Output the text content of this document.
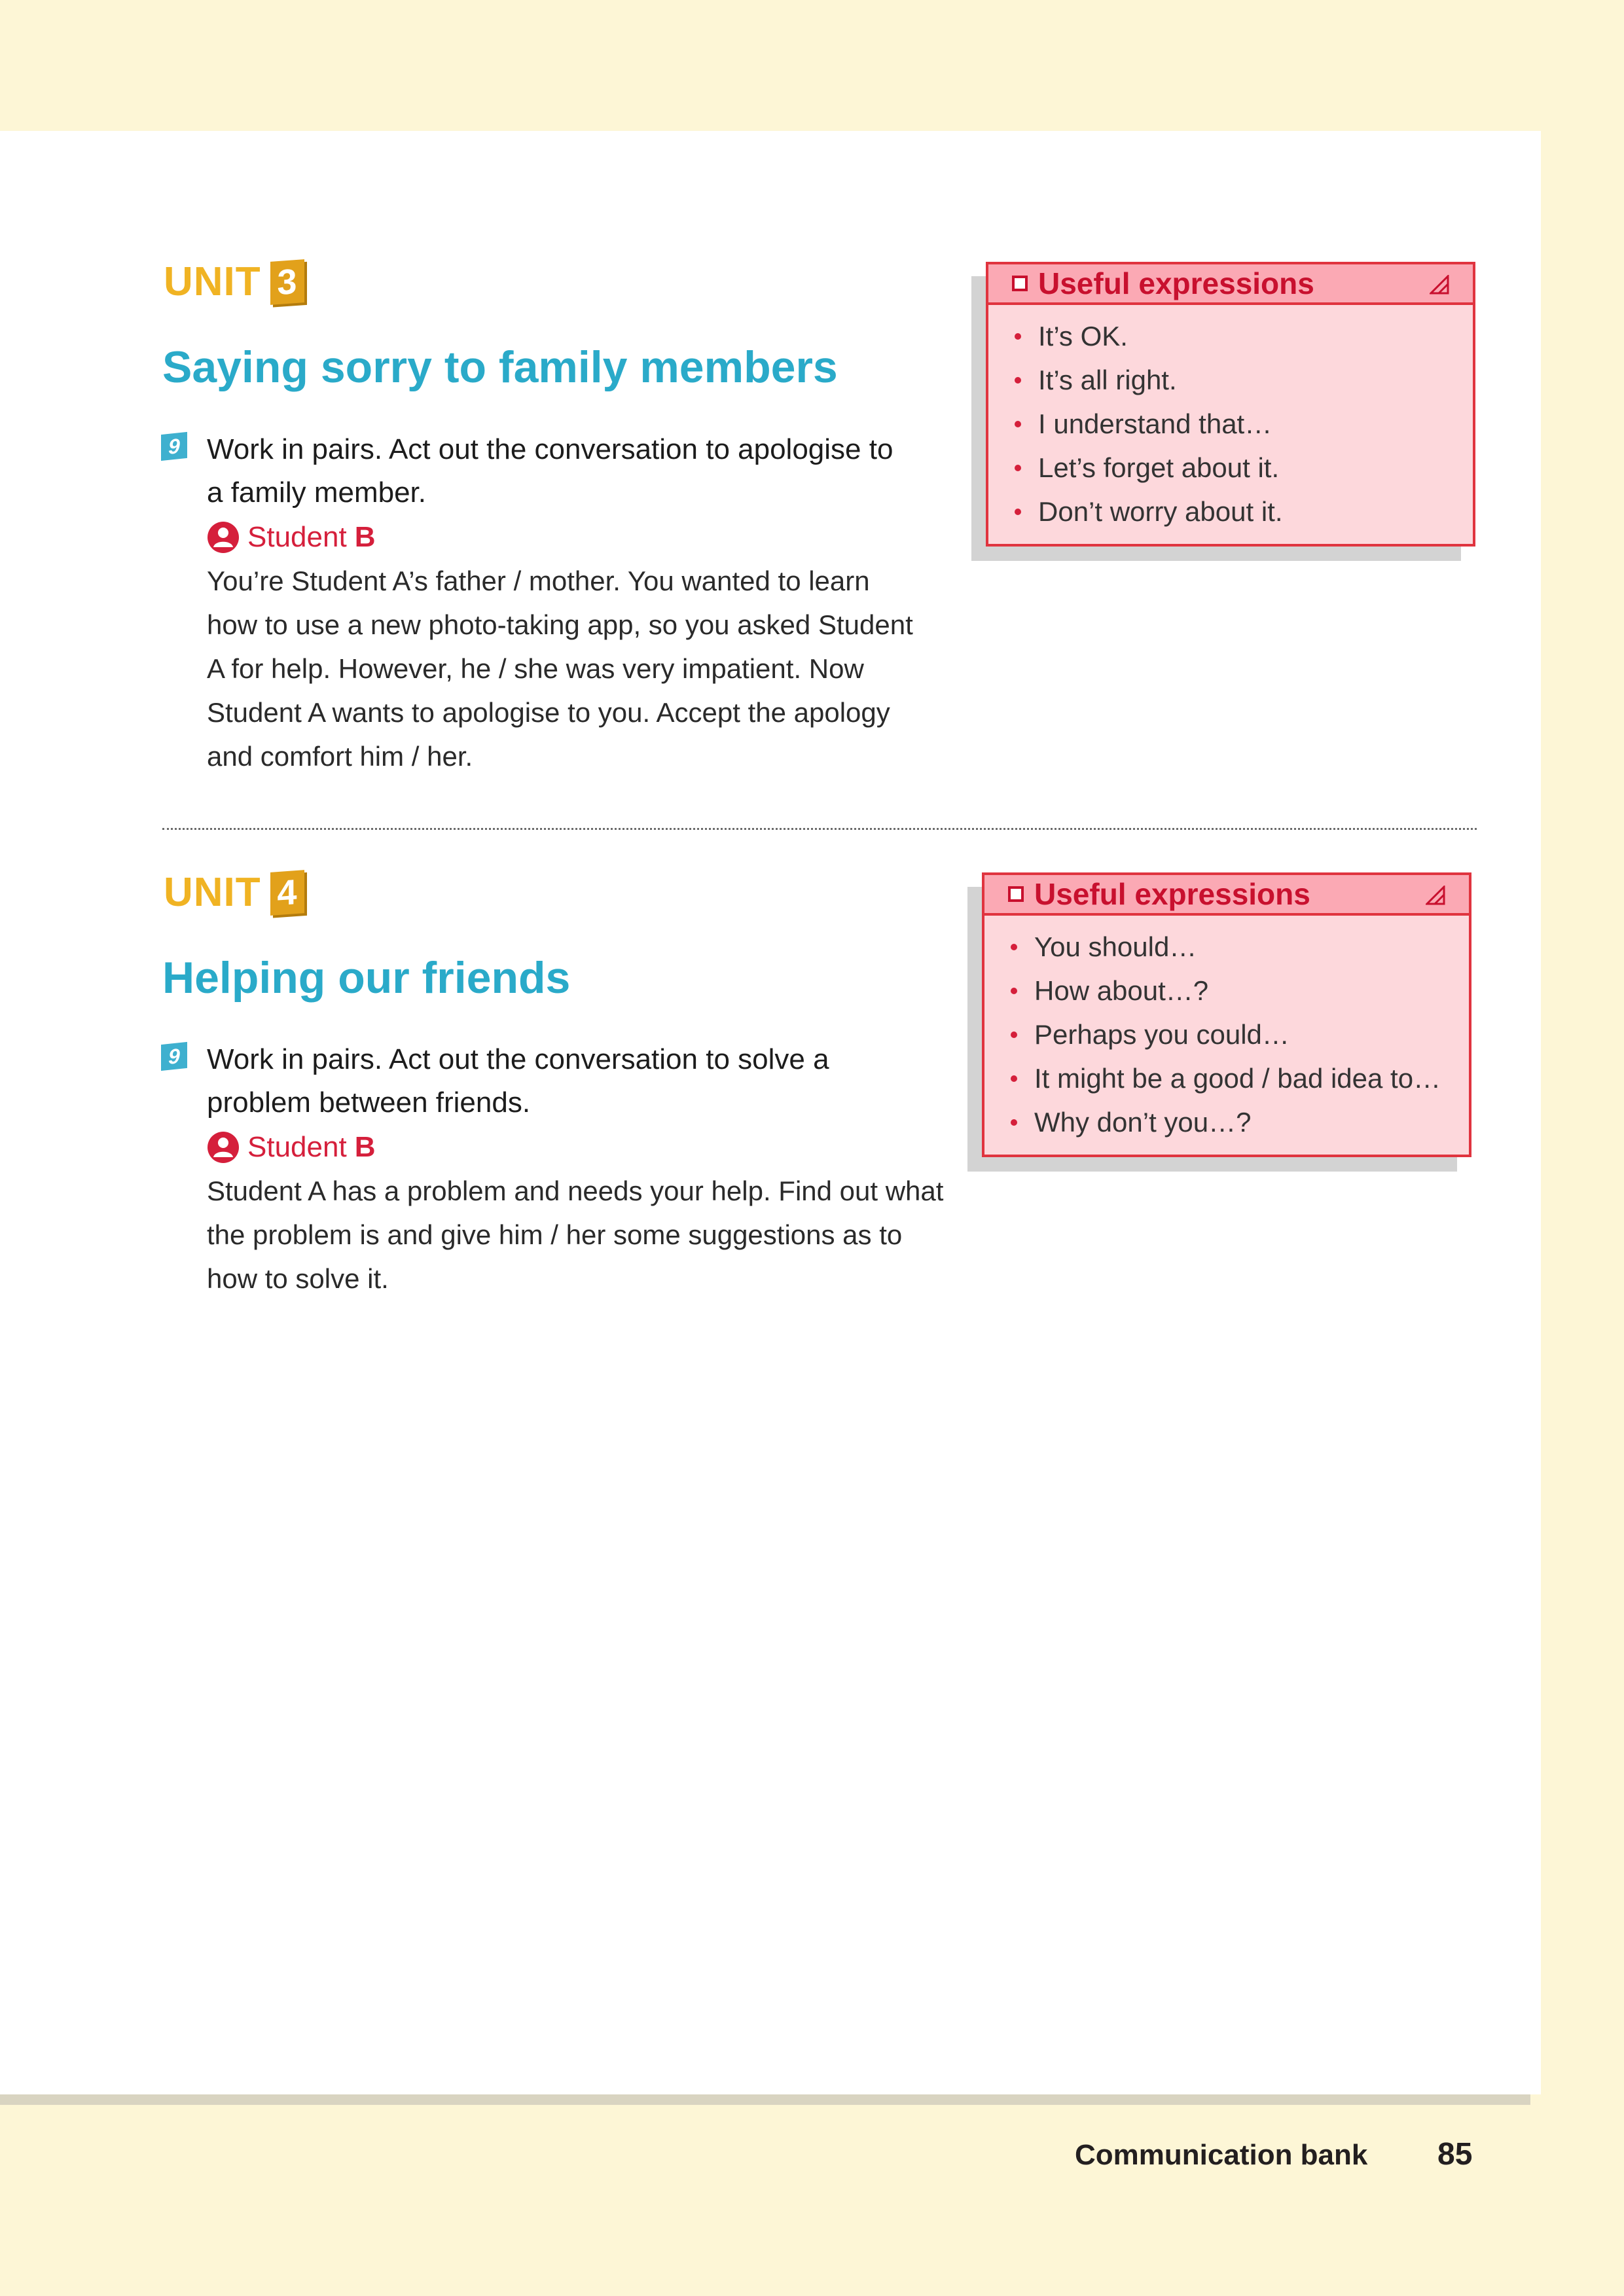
UNIT 3
Saying sorry to family members
9 Work in pairs. Act out the conversation to apologise to

a family member.

Student B

You’re Student A’s father / mother. You wanted to learn

how to use a new photo-taking app, so you asked Student

A for help. However, he / she was very impatient. Now

Student A wants to apologise to you. Accept the apology

and comfort him / her.

Useful expressions
It’s OK.
It’s all right.
I understand that…
Let’s forget about it.
Don’t worry about it.
UNIT 4
Helping our friends
9 Work in pairs. Act out the conversation to solve a

problem between friends.

Student B

Student A has a problem and needs your help. Find out what

the problem is and give him / her some suggestions as to

how to solve it.

Useful expressions
You should…
How about…?
Perhaps you could…
It might be a good / bad idea to…
Why don’t you…?
Communication bank 85
